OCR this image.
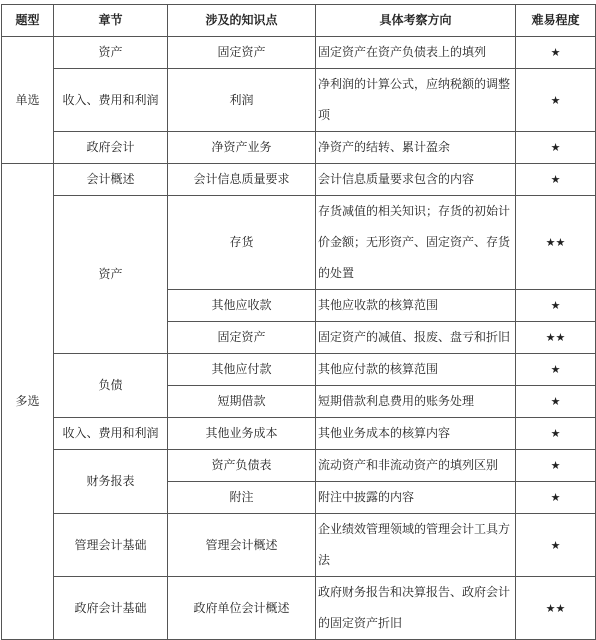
题型	章节	涉及的知识点	具体考察方向	难易程度
单选	资产	固定资产	固定资产在资产负债表上的填列	★
	收入、费用和利润	利润	净利润的计算公式，应纳税额的调整项	★
	政府会计	净资产业务	净资产的结转、累计盈余	★
多选	会计概述	会计信息质量要求	会计信息质量要求包含的内容	★
	资产	存货	存货减值的相关知识；存货的初始计价金额；无形资产、固定资产、存货的处置	★★
		其他应收款	其他应收款的核算范围	★
		固定资产	固定资产的减值、报废、盘亏和折旧	★★
	负债	其他应付款	其他应付款的核算范围	★
		短期借款	短期借款利息费用的账务处理	★
	收入、费用和利润	其他业务成本	其他业务成本的核算内容	★
	财务报表	资产负债表	流动资产和非流动资产的填列区别	★
		附注	附注中披露的内容	★
	管理会计基础	管理会计概述	企业绩效管理领域的管理会计工具方法	★
	政府会计基础	政府单位会计概述	政府财务报告和决算报告、政府会计的固定资产折旧	★★
